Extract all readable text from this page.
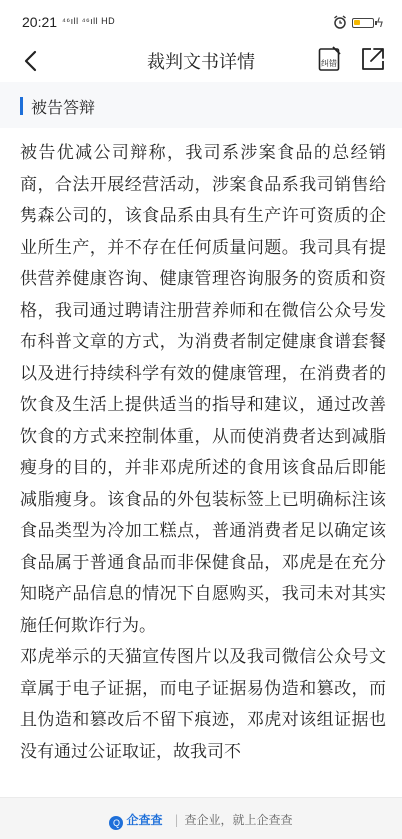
20:21 ⁴⁶ıll ⁴⁶ıll HD	ϟ
裁判文书详情	纠错
被告答辩

被告优减公司辩称，我司系涉案食品的总经销商，合法开展经营活动，涉案食品系我司销售给隽森公司的，该食品系由具有生产许可资质的企业所生产，并不存在任何质量问题。我司具有提供营养健康咨询、健康管理咨询服务的资质和资格，我司通过聘请注册营养师和在微信公众号发布科普文章的方式，为消费者制定健康食谱套餐以及进行持续科学有效的健康管理，在消费者的饮食及生活上提供适当的指导和建议，通过改善饮食的方式来控制体重，从而使消费者达到减脂瘦身的目的，并非邓虎所述的食用该食品后即能减脂瘦身。该食品的外包装标签上已明确标注该食品类型为冷加工糕点，普通消费者足以确定该食品属于普通食品而非保健食品，邓虎是在充分知晓产品信息的情况下自愿购买，我司未对其实施任何欺诈行为。

邓虎举示的天猫宣传图片以及我司微信公众号文章属于电子证据，而电子证据易伪造和篡改，而且伪造和篡改后不留下痕迹，邓虎对该组证据也没有通过公证取证，故我司不

Q 企查查 | 查企业，就上企查查
